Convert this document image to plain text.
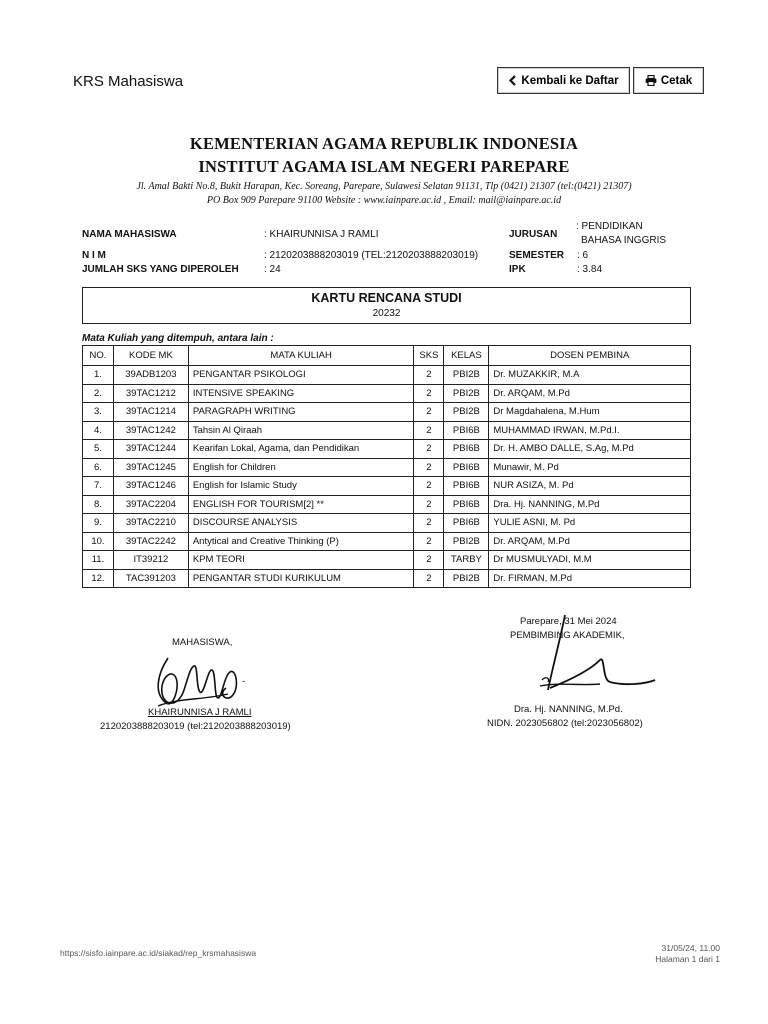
KRS Mahasiswa	Kembali ke Daftar	Cetak
KEMENTERIAN AGAMA REPUBLIK INDONESIA
INSTITUT AGAMA ISLAM NEGERI PAREPARE
Jl. Amal Bakti No.8, Bukit Harapan, Kec. Soreang, Parepare, Sulawesi Selatan 91131, Tlp (0421) 21307 (tel:(0421) 21307)
PO Box 909 Parepare 91100 Website : www.iainpare.ac.id , Email: mail@iainpare.ac.id
NAMA MAHASISWA	: KHAIRUNNISA J RAMLI
N I M	: 2120203888203019 (TEL:2120203888203019)
JUMLAH SKS YANG DIPEROLEH	: 24
JURUSAN
: PENDIDIKAN
BAHASA INGGRIS
SEMESTER : 6
IPK	: 3.84
KARTU RENCANA STUDI
20232
Mata Kuliah yang ditempuh, antara lain :
NO.	KODE MK	MATA KULIAH	SKS	KELAS	DOSEN PEMBINA
1.	39ADB1203	PENGANTAR PSIKOLOGI	2	PBI2B	Dr. MUZAKKIR, M.A
2.	39TAC1212	INTENSIVE SPEAKING	2	PBI2B	Dr. ARQAM, M.Pd
3.	39TAC1214	PARAGRAPH WRITING	2	PBI2B	Dr Magdahalena, M.Hum
4.	39TAC1242	Tahsin Al Qiraah	2	PBI6B	MUHAMMAD IRWAN, M.Pd.I.
5.	39TAC1244	Kearifan Lokal, Agama, dan Pendidikan	2	PBI6B	Dr. H. AMBO DALLE, S.Ag, M.Pd
6.	39TAC1245	English for Children	2	PBI6B	Munawir, M. Pd
7.	39TAC1246	English for Islamic Study	2	PBI6B	NUR ASIZA, M. Pd
8.	39TAC2204	ENGLISH FOR TOURISM[2] **	2	PBI6B	Dra. Hj. NANNING, M.Pd
9.	39TAC2210	DISCOURSE ANALYSIS	2	PBI6B	YULIE ASNI, M. Pd
10.	39TAC2242	Antytical and Creative Thinking (P)	2	PBI2B	Dr. ARQAM, M.Pd
11.	IT39212	KPM TEORI	2	TARBY	Dr MUSMULYADI, M.M
12.	TAC391203	PENGANTAR STUDI KURIKULUM	2	PBI2B	Dr. FIRMAN, M.Pd
MAHASISWA,
-
KHAIRUNNISA J RAMLI
2120203888203019 (tel:2120203888203019)
Parepare, 31 Mei 2024
PEMBIMBING AKADEMIK,
Dra. Hj. NANNING, M.Pd.
NIDN. 2023056802 (tel:2023056802)
https://sisfo.iainpare.ac.id/siakad/rep_krsmahasiswa	31/05/24, 11.00
Halaman 1 dari 1
